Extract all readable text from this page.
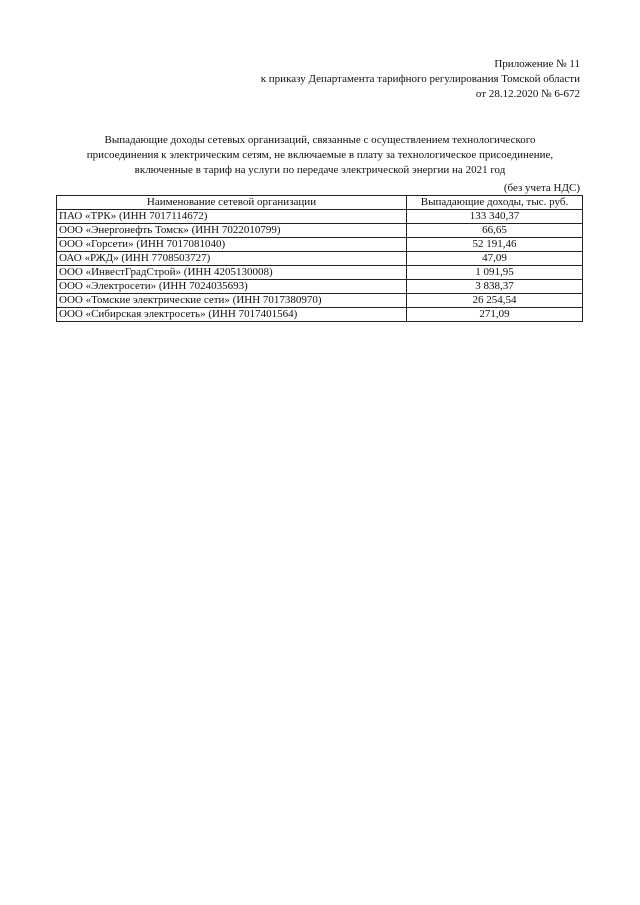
Приложение № 11
к приказу Департамента тарифного регулирования Томской области
от 28.12.2020 № 6-672
Выпадающие доходы сетевых организаций, связанные с осуществлением технологического
присоединения к электрическим сетям, не включаемые в плату за технологическое присоединение,
включенные в тариф на услуги по передаче электрической энергии на 2021 год
(без учета НДС)
Наименование сетевой организации	Выпадающие доходы, тыс. руб.
ПАО «ТРК» (ИНН 7017114672)	133 340,37
ООО «Энергонефть Томск» (ИНН 7022010799)	66,65
ООО «Горсети» (ИНН 7017081040)	52 191,46
ОАО «РЖД» (ИНН 7708503727)	47,09
ООО «ИнвестГрадСтрой» (ИНН 4205130008)	1 091,95
ООО «Электросети» (ИНН 7024035693)	3 838,37
ООО «Томские электрические сети» (ИНН 7017380970)	26 254,54
ООО «Сибирская электросеть» (ИНН 7017401564)	271,09
